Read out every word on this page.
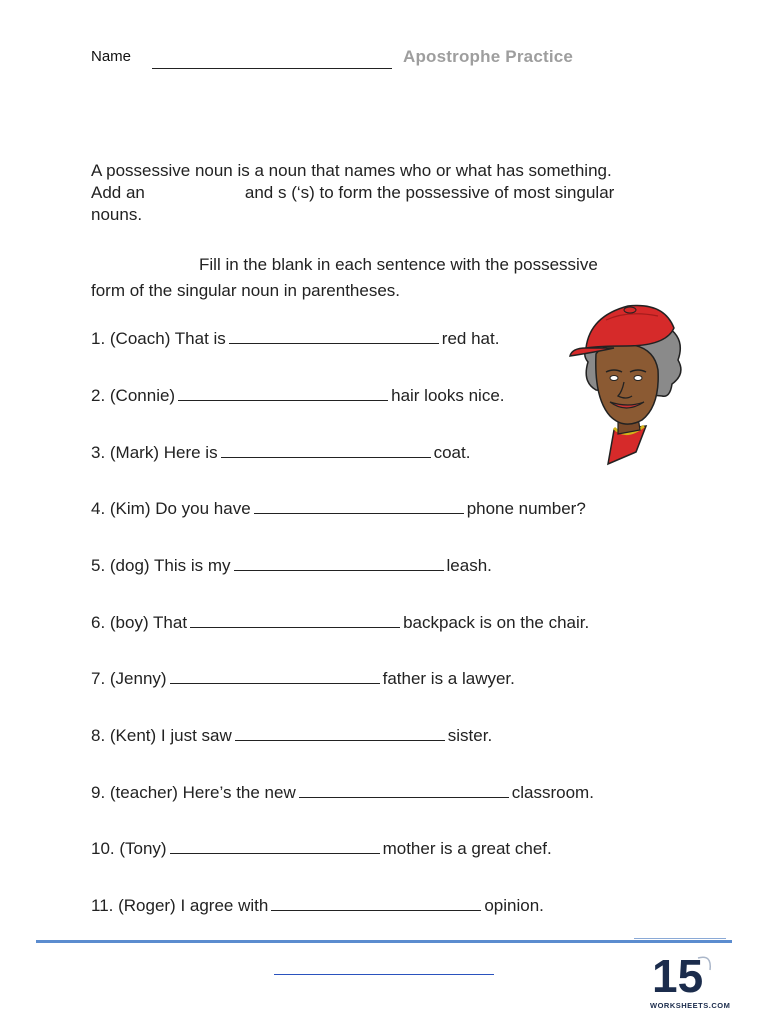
Name	Apostrophe Practice

A possessive noun is a noun that names who or what has something.

Add an	and s (‘s) to form the possessive of most singular

nouns.

Fill in the blank in each sentence with the possessive
form of the singular noun in parentheses.
1. (Coach) That is	red hat.
2. (Connie)	hair looks nice.
3. (Mark) Here is	coat.
4. (Kim) Do you have	phone number?
5. (dog) This is my	leash.
6. (boy) That	backpack is on the chair.
7. (Jenny)	father is a lawyer.
8. (Kent) I just saw	sister.
9. (teacher) Here’s the new	classroom.
10. (Tony)	mother is a great chef.
11. (Roger) I agree with	opinion.
15
WORKSHEETS.COM
